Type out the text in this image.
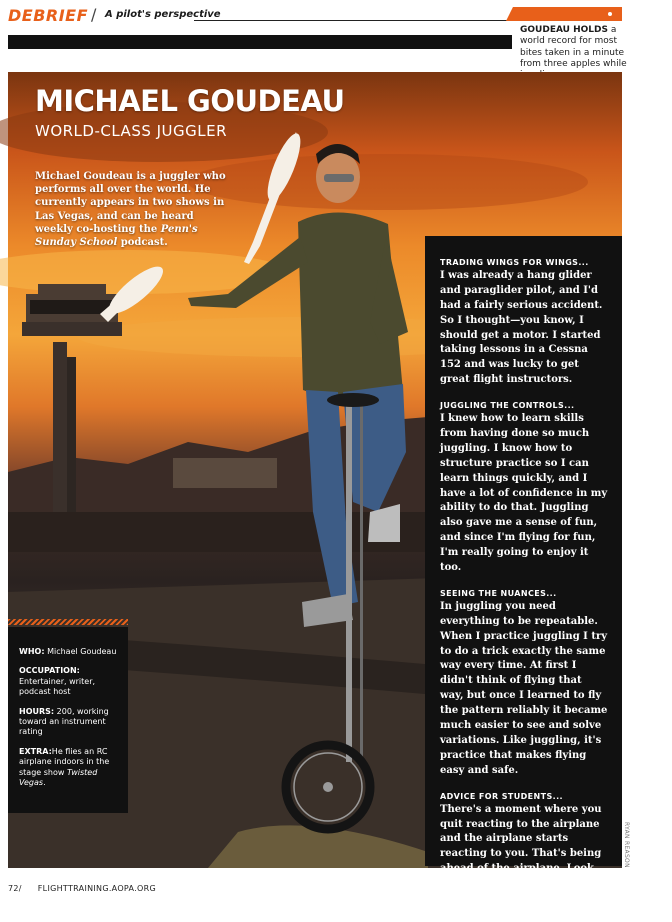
DEBRIEF / A pilot's perspective
GOUDEAU HOLDS a world record for most bites taken in a minute from three apples while
MICHAEL GOUDEAU
WORLD-CLASS JUGGLER
Michael Goudeau is a juggler who performs all over the world. He currently appears in two shows in Las Vegas, and can be heard weekly co-hosting the Penn's Sunday School podcast.
TRADING WINGS FOR WINGS...

I was already a hang glider and paraglider pilot, and I'd had a fairly serious accident. So I thought—you know, I should get a motor. I started taking lessons in a Cessna 152 and was lucky to get great flight instructors.

JUGGLING THE CONTROLS...

I knew how to learn skills from having done so much juggling. I know how to structure practice so I can learn things quickly, and I have a lot of confidence in my ability to do that. Juggling also gave me a sense of fun, and since I'm flying for fun, I'm really going to enjoy it too.

SEEING THE NUANCES...

In juggling you need everything to be repeatable. When I practice juggling I try to do a trick exactly the same way every time. At first I didn't think of flying that way, but once I learned to fly the pattern reliably it became much easier to see and solve variations. Like juggling, it's practice that makes flying easy and safe.

ADVICE FOR STUDENTS...

There's a moment where you quit reacting to the airplane and the airplane starts reacting to you. That's being ahead of the airplane. Look for when that switch flips and you are actually in charge of the airplane. ☁

WHO: Michael Goudeau
OCCUPATION:
Entertainer, writer, podcast host
HOURS: 200, working toward an instrument rating
EXTRA:He flies an RC airplane indoors in the stage show Twisted Vegas.
RYAN REASON
72/ FLIGHTTRAINING.AOPA.ORG
